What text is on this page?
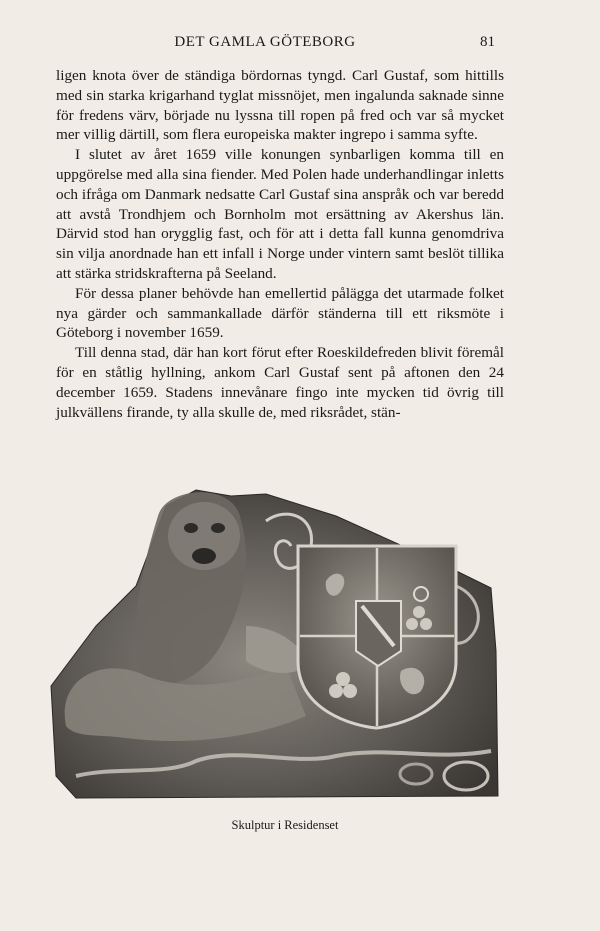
DET GAMLA GÖTEBORG	81

ligen knota över de ständiga bördornas tyngd. Carl Gustaf, som hittills med sin starka krigarhand tyglat missnöjet, men ingalunda saknade sinne för fredens värv, började nu lyssna till ropen på fred och var så mycket mer villig därtill, som flera europeiska makter ingrepo i samma syfte.

I slutet av året 1659 ville konungen synbarligen komma till en uppgörelse med alla sina fiender. Med Polen hade underhandlingar inletts och ifråga om Danmark nedsatte Carl Gustaf sina anspråk och var beredd att avstå Trondhjem och Bornholm mot ersättning av Akershus län. Därvid stod han orygglig fast, och för att i detta fall kunna genomdriva sin vilja anordnade han ett infall i Norge under vintern samt beslöt tillika att stärka stridskrafterna på Seeland.

För dessa planer behövde han emellertid pålägga det utarmade folket nya gärder och sammankallade därför ständerna till ett riksmöte i Göteborg i november 1659.

Till denna stad, där han kort förut efter Roeskildefreden blivit föremål för en ståtlig hyllning, ankom Carl Gustaf sent på aftonen den 24 december 1659. Stadens innevånare fingo inte mycken tid övrig till julkvällens firande, ty alla skulle de, med riksrådet, stän-

Skulptur i Residenset
